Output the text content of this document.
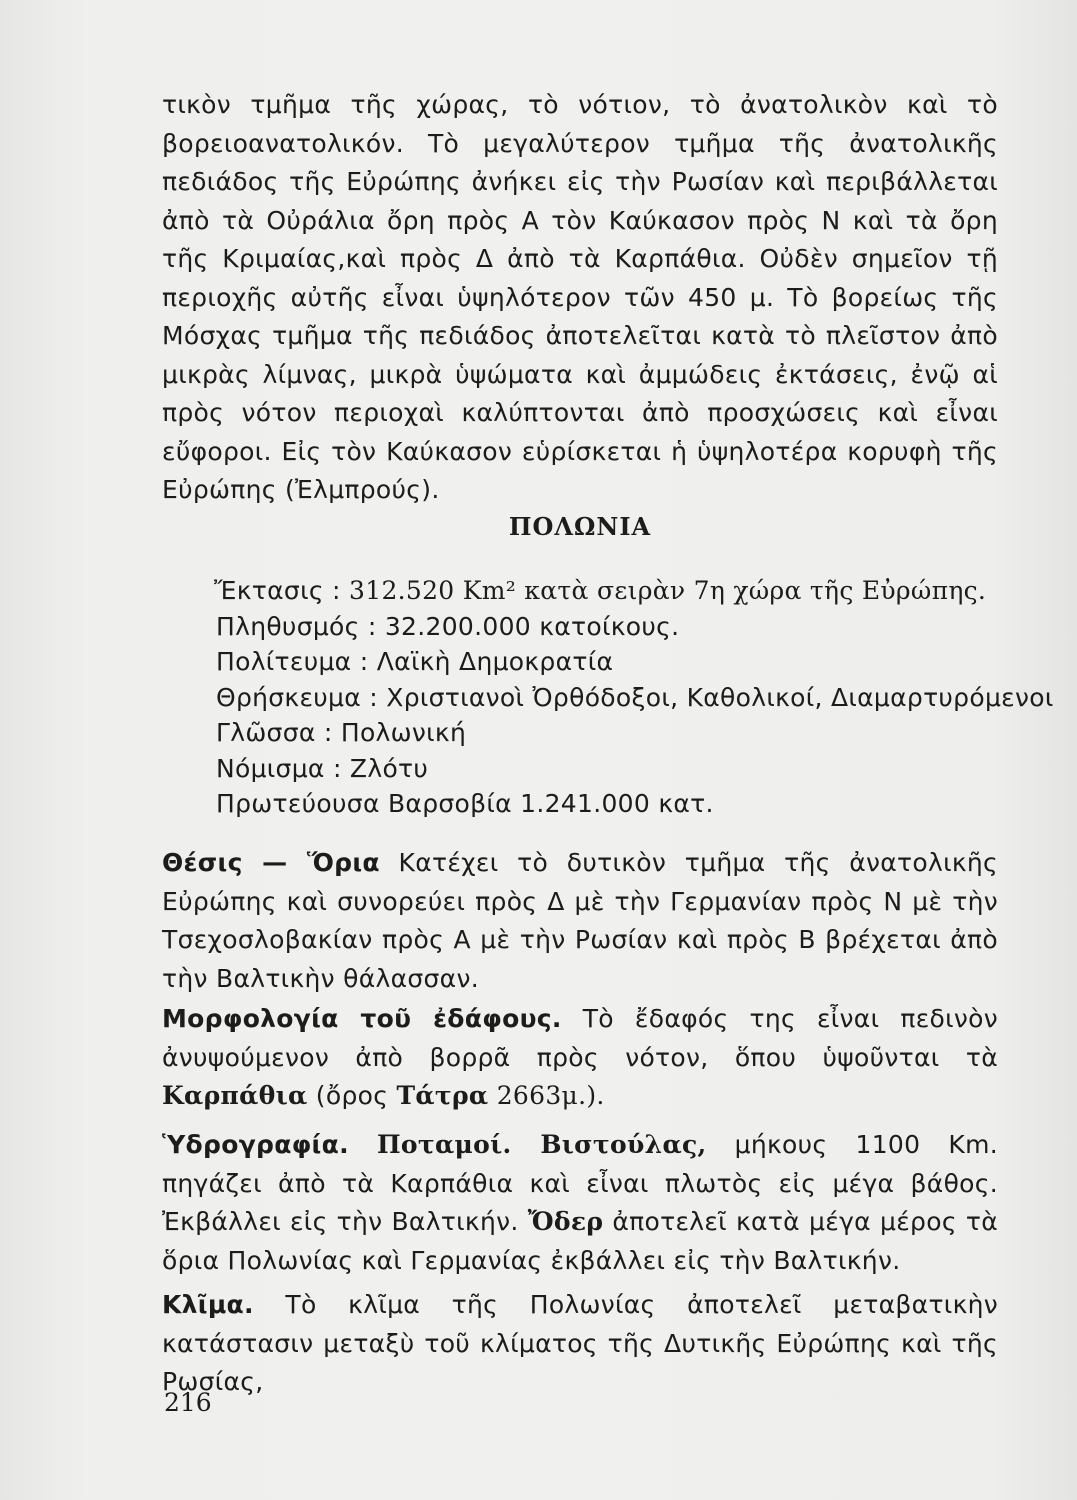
τικὸν τμῆμα τῆς χώρας, τὸ νότιον, τὸ ἀνατολικὸν καὶ τὸ βορειοανατολικόν. Τὸ μεγαλύτερον τμῆμα τῆς ἀνατολικῆς πεδιάδος τῆς Εὐρώπης ἀνήκει εἰς τὴν Ρωσίαν καὶ περιβάλλεται ἀπὸ τὰ Οὐράλια ὄρη πρὸς Α τὸν Καύκασον πρὸς Ν καὶ τὰ ὄρη τῆς Κριμαίας,καὶ πρὸς Δ ἀπὸ τὰ Καρπάθια. Οὐδὲν σημεῖον τῇ περιοχῆς αὐτῆς εἶναι ὑψηλότερον τῶν 450 μ. Τὸ βορείως τῆς Μόσχας τμῆμα τῆς πεδιάδος ἀποτελεῖται κατὰ τὸ πλεῖστον ἀπὸ μικρὰς λίμνας, μικρὰ ὑψώματα καὶ ἀμμώδεις ἐκτάσεις, ἐνῷ αἱ πρὸς νότον περιοχαὶ καλύπτονται ἀπὸ προσχώσεις καὶ εἶναι εὔφοροι. Εἰς τὸν Καύκασον εὑρίσκεται ἡ ὑψηλοτέρα κορυφὴ τῆς Εὐρώπης (Ἐλμπρούς).

ΠΟΛΩΝΙΑ
Ἔκτασις : 312.520 Km² κατὰ σειρὰν 7η χώρα τῆς Εὐρώπης.
Πληθυσμός : 32.200.000 κατοίκους.
Πολίτευμα : Λαϊκὴ Δημοκρατία
Θρήσκευμα : Χριστιανοὶ Ὀρθόδοξοι, Καθολικοί, Διαμαρτυρόμενοι
Γλῶσσα : Πολωνική
Νόμισμα : Ζλότυ
Πρωτεύουσα Βαρσοβία 1.241.000 κατ.

Θέσις — Ὅρια Κατέχει τὸ δυτικὸν τμῆμα τῆς ἀνατολικῆς Εὐρώπης καὶ συνορεύει πρὸς Δ μὲ τὴν Γερμανίαν πρὸς Ν μὲ τὴν Τσεχοσλοβακίαν πρὸς Α μὲ τὴν Ρωσίαν καὶ πρὸς Β βρέχεται ἀπὸ τὴν Βαλτικὴν θάλασσαν.

Μορφολογία τοῦ ἐδάφους. Τὸ ἔδαφός της εἶναι πεδινὸν ἀνυψούμενον ἀπὸ βορρᾶ πρὸς νότον, ὅπου ὑψοῦνται τὰ Καρπάθια (ὄρος Τάτρα 2663μ.).

Ὑδρογραφία. Ποταμοί. Βιστούλας, μήκους 1100 Km. πηγάζει ἀπὸ τὰ Καρπάθια καὶ εἶναι πλωτὸς εἰς μέγα βάθος. Ἐκβάλλει εἰς τὴν Βαλτικήν. Ὄδερ ἀποτελεῖ κατὰ μέγα μέρος τὰ ὅρια Πολωνίας καὶ Γερμανίας ἐκβάλλει εἰς τὴν Βαλτικήν.

Κλῖμα. Τὸ κλῖμα τῆς Πολωνίας ἀποτελεῖ μεταβατικὴν κατάστασιν μεταξὺ τοῦ κλίματος τῆς Δυτικῆς Εὐρώπης καὶ τῆς Ρωσίας,

216
